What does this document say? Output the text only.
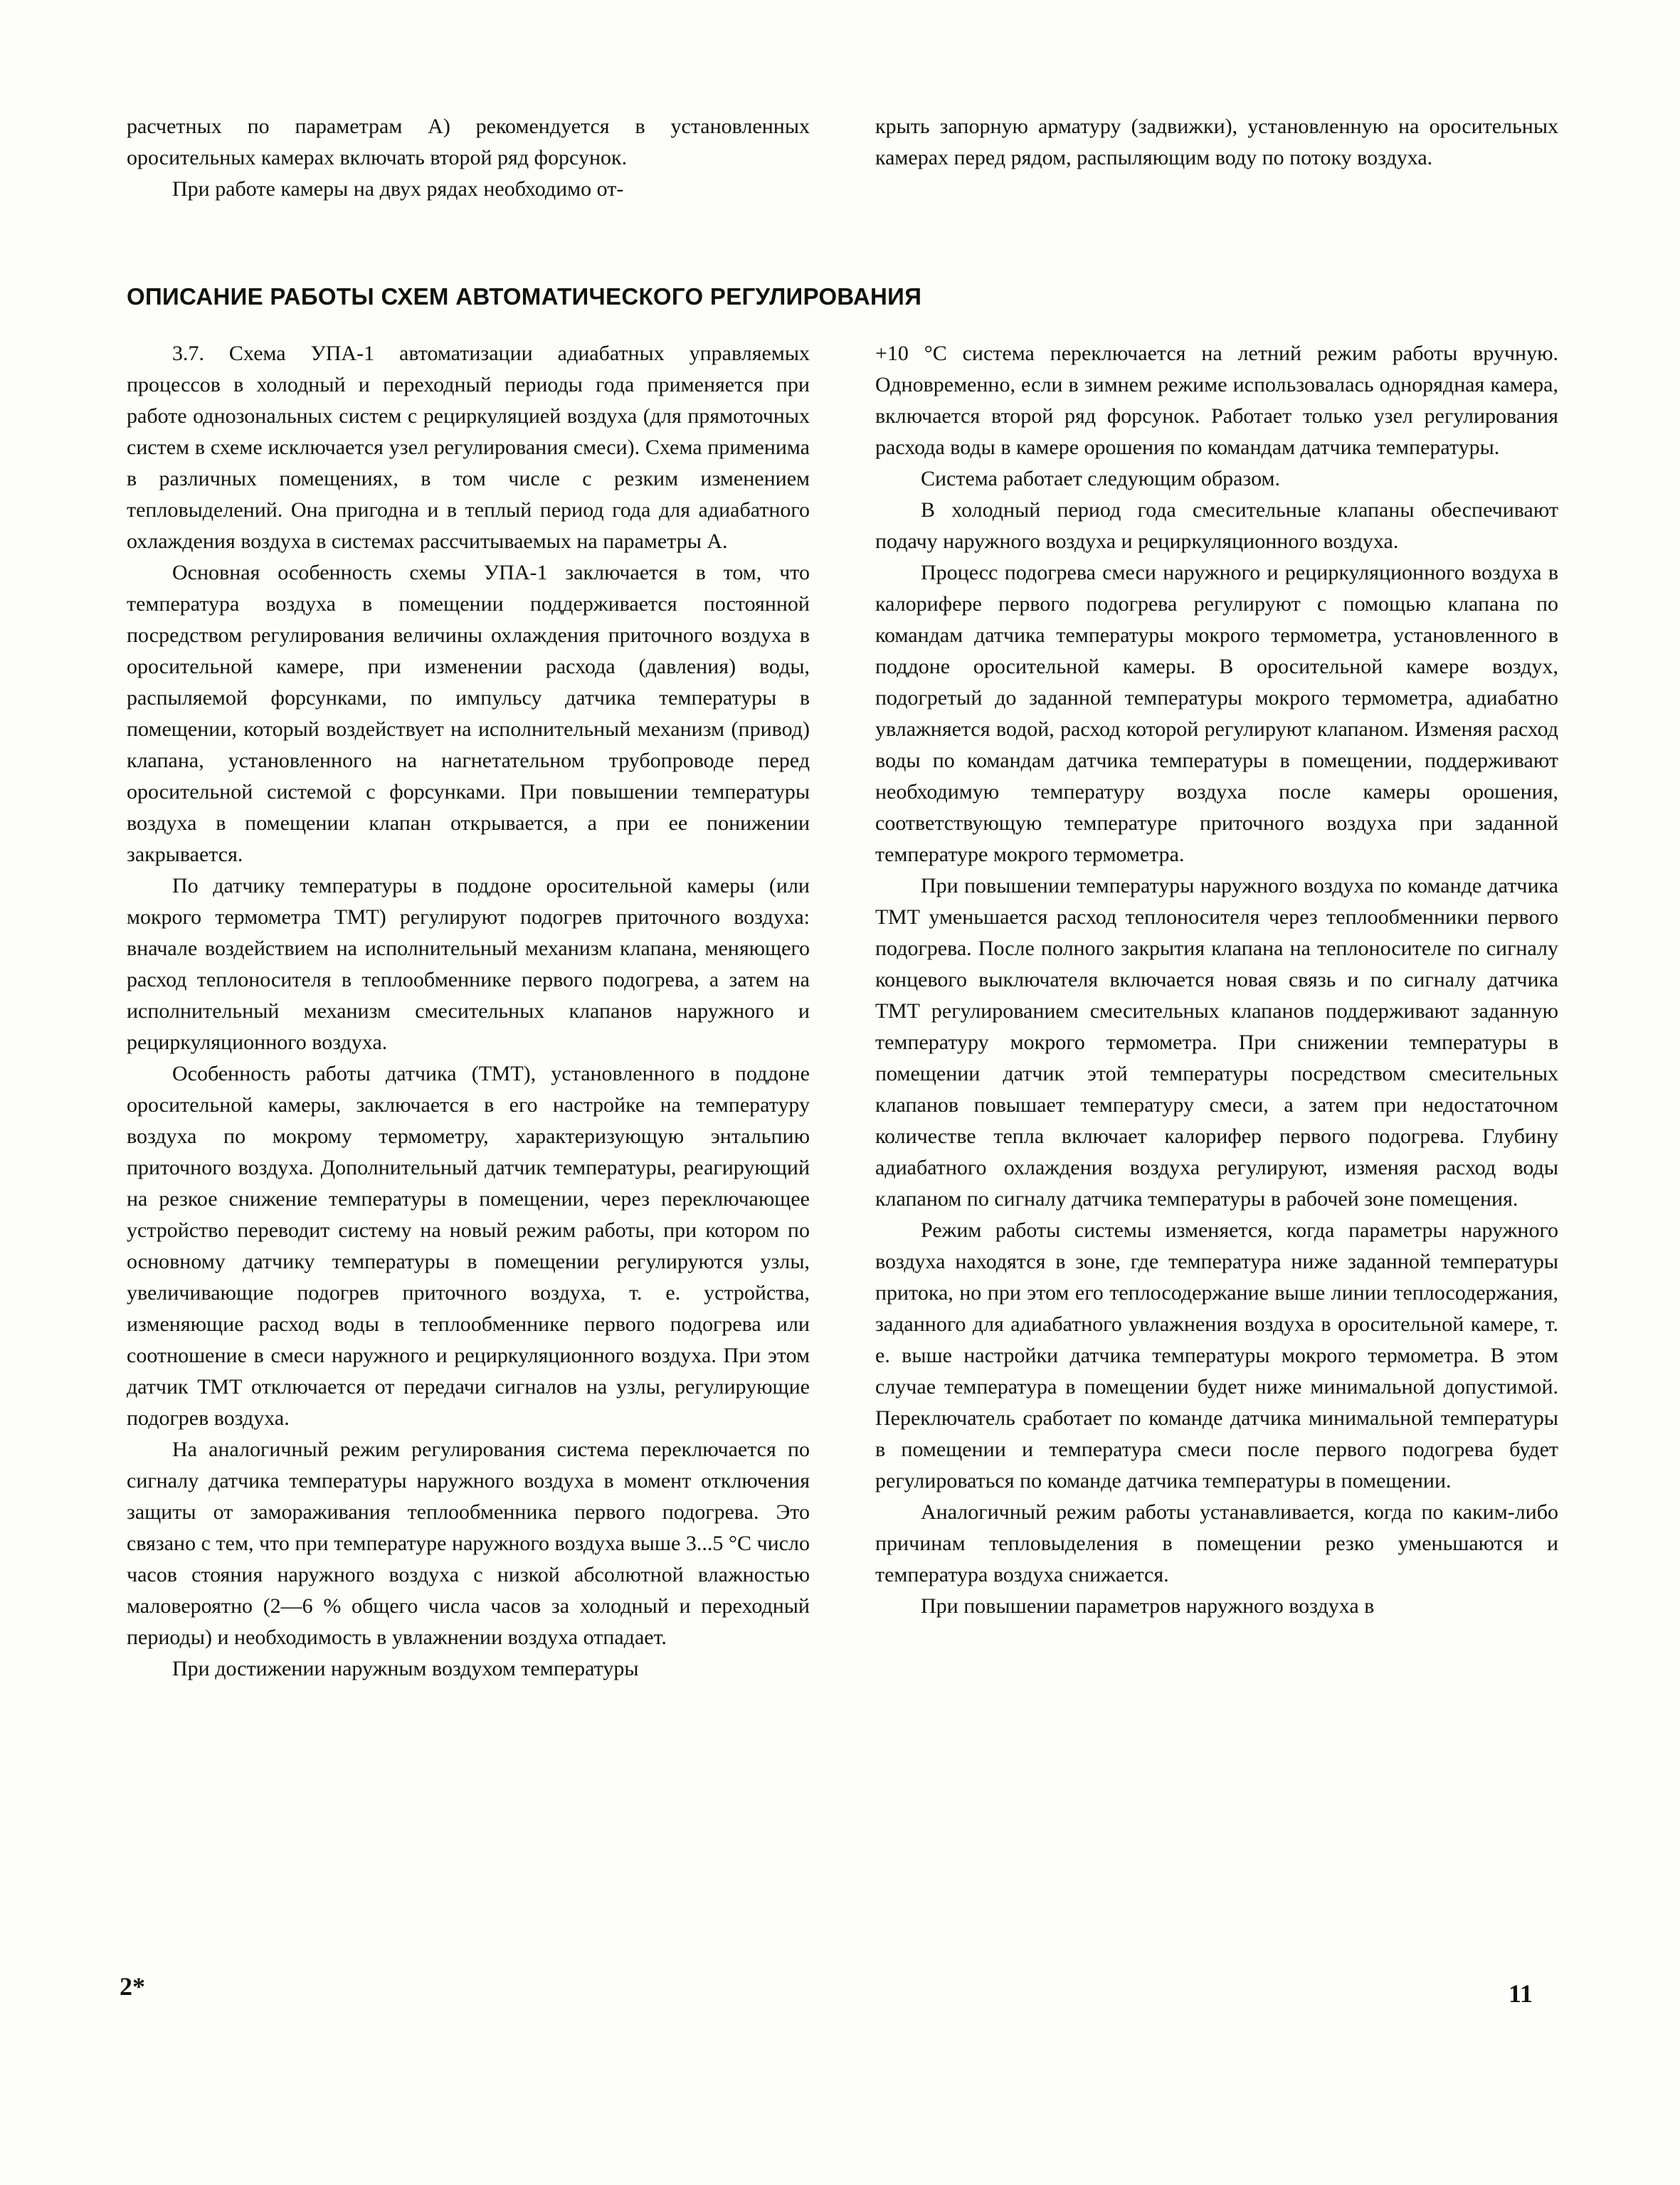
расчетных по параметрам А) рекомендуется в установленных оросительных камерах включать второй ряд форсунок.

При работе камеры на двух рядах необходимо от-

крыть запорную арматуру (задвижки), установленную на оросительных камерах перед рядом, распыляющим воду по потоку воздуха.

ОПИСАНИЕ РАБОТЫ СХЕМ АВТОМАТИЧЕСКОГО РЕГУЛИРОВАНИЯ

3.7. Схема УПА-1 автоматизации адиабатных управляемых процессов в холодный и переходный периоды года применяется при работе однозональных систем с рециркуляцией воздуха (для прямоточных систем в схеме исключается узел регулирования смеси). Схема применима в различных помещениях, в том числе с резким изменением тепловыделений. Она пригодна и в теплый период года для адиабатного охлаждения воздуха в системах рассчитываемых на параметры А.

Основная особенность схемы УПА-1 заключается в том, что температура воздуха в помещении поддерживается постоянной посредством регулирования величины охлаждения приточного воздуха в оросительной камере, при изменении расхода (давления) воды, распыляемой форсунками, по импульсу датчика температуры в помещении, который воздействует на исполнительный механизм (привод) клапана, установленного на нагнетательном трубопроводе перед оросительной системой с форсунками. При повышении температуры воздуха в помещении клапан открывается, а при ее понижении закрывается.

По датчику температуры в поддоне оросительной камеры (или мокрого термометра ТМТ) регулируют подогрев приточного воздуха: вначале воздействием на исполнительный механизм клапана, меняющего расход теплоносителя в теплообменнике первого подогрева, а затем на исполнительный механизм смесительных клапанов наружного и рециркуляционного воздуха.

Особенность работы датчика (ТМТ), установленного в поддоне оросительной камеры, заключается в его настройке на температуру воздуха по мокрому термометру, характеризующую энтальпию приточного воздуха. Дополнительный датчик температуры, реагирующий на резкое снижение температуры в помещении, через переключающее устройство переводит систему на новый режим работы, при котором по основному датчику температуры в помещении регулируются узлы, увеличивающие подогрев приточного воздуха, т. е. устройства, изменяющие расход воды в теплообменнике первого подогрева или соотношение в смеси наружного и рециркуляционного воздуха. При этом датчик ТМТ отключается от передачи сигналов на узлы, регулирующие подогрев воздуха.

На аналогичный режим регулирования система переключается по сигналу датчика температуры наружного воздуха в момент отключения защиты от замораживания теплообменника первого подогрева. Это связано с тем, что при температуре наружного воздуха выше 3...5 °С число часов стояния наружного воздуха с низкой абсолютной влажностью маловероятно (2—6 % общего числа часов за холодный и переходный периоды) и необходимость в увлажнении воздуха отпадает.

При достижении наружным воздухом температуры

+10 °С система переключается на летний режим работы вручную. Одновременно, если в зимнем режиме использовалась однорядная камера, включается второй ряд форсунок. Работает только узел регулирования расхода воды в камере орошения по командам датчика температуры.

Система работает следующим образом.

В холодный период года смесительные клапаны обеспечивают подачу наружного воздуха и рециркуляционного воздуха.

Процесс подогрева смеси наружного и рециркуляционного воздуха в калорифере первого подогрева регулируют с помощью клапана по командам датчика температуры мокрого термометра, установленного в поддоне оросительной камеры. В оросительной камере воздух, подогретый до заданной температуры мокрого термометра, адиабатно увлажняется водой, расход которой регулируют клапаном. Изменяя расход воды по командам датчика температуры в помещении, поддерживают необходимую температуру воздуха после камеры орошения, соответствующую температуре приточного воздуха при заданной температуре мокрого термометра.

При повышении температуры наружного воздуха по команде датчика ТМТ уменьшается расход теплоносителя через теплообменники первого подогрева. После полного закрытия клапана на теплоносителе по сигналу концевого выключателя включается новая связь и по сигналу датчика ТМТ регулированием смесительных клапанов поддерживают заданную температуру мокрого термометра. При снижении температуры в помещении датчик этой температуры посредством смесительных клапанов повышает температуру смеси, а затем при недостаточном количестве тепла включает калорифер первого подогрева. Глубину адиабатного охлаждения воздуха регулируют, изменяя расход воды клапаном по сигналу датчика температуры в рабочей зоне помещения.

Режим работы системы изменяется, когда параметры наружного воздуха находятся в зоне, где температура ниже заданной температуры притока, но при этом его теплосодержание выше линии теплосодержания, заданного для адиабатного увлажнения воздуха в оросительной камере, т. е. выше настройки датчика температуры мокрого термометра. В этом случае температура в помещении будет ниже минимальной допустимой. Переключатель сработает по команде датчика минимальной температуры в помещении и температура смеси после первого подогрева будет регулироваться по команде датчика температуры в помещении.

Аналогичный режим работы устанавливается, когда по каким-либо причинам тепловыделения в помещении резко уменьшаются и температура воздуха снижается.

При повышении параметров наружного воздуха в

2*	11
